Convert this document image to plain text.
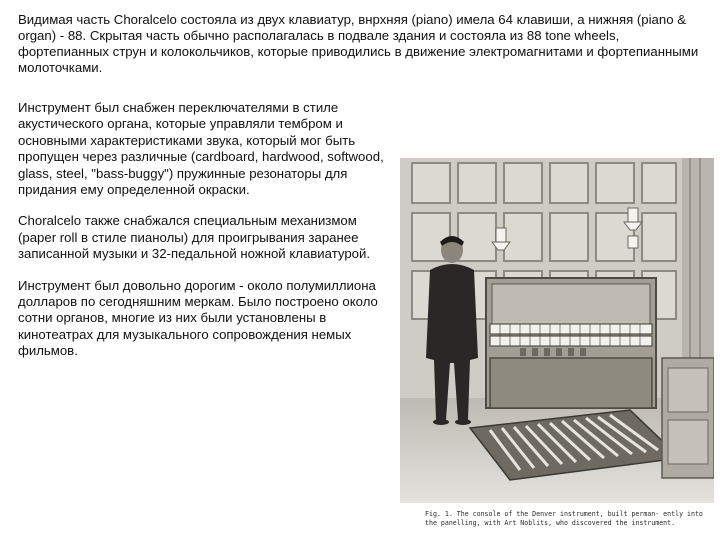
Видимая часть Choralcelo состояла из двух клавиатур, внрхняя (piano) имела 64 клавиши, а нижняя (piano & organ) - 88. Скрытая часть обычно располагалась в подвале здания и состояла из 88 tone wheels, фортепианных струн и колокольчиков, которые приводились в движение электромагнитами и фортепианными молоточками.

Инструмент был снабжен переключателями в стиле акустического органа, которые управляли тембром и основными характеристиками звука, который мог быть пропущен через различные (cardboard, hardwood, softwood, glass, steel, "bass-buggy") пружинные резонаторы для придания ему определенной окраски.

Choralcelo также снабжался специальным механизмом (paper roll в стиле пианолы) для проигрывания заранее записанной музыки и 32-педальной ножной клавиатурой.

Инструмент был довольно дорогим - около полумиллиона долларов по сегодняшним меркам. Было построено около сотни органов, многие из них были установлены в кинотеатрах для музыкального сопровождения немых фильмов.

Fig. 1. The console of the Denver instrument, built perman- ently into the panelling, with Art Noblits, who discovered the instrument.
